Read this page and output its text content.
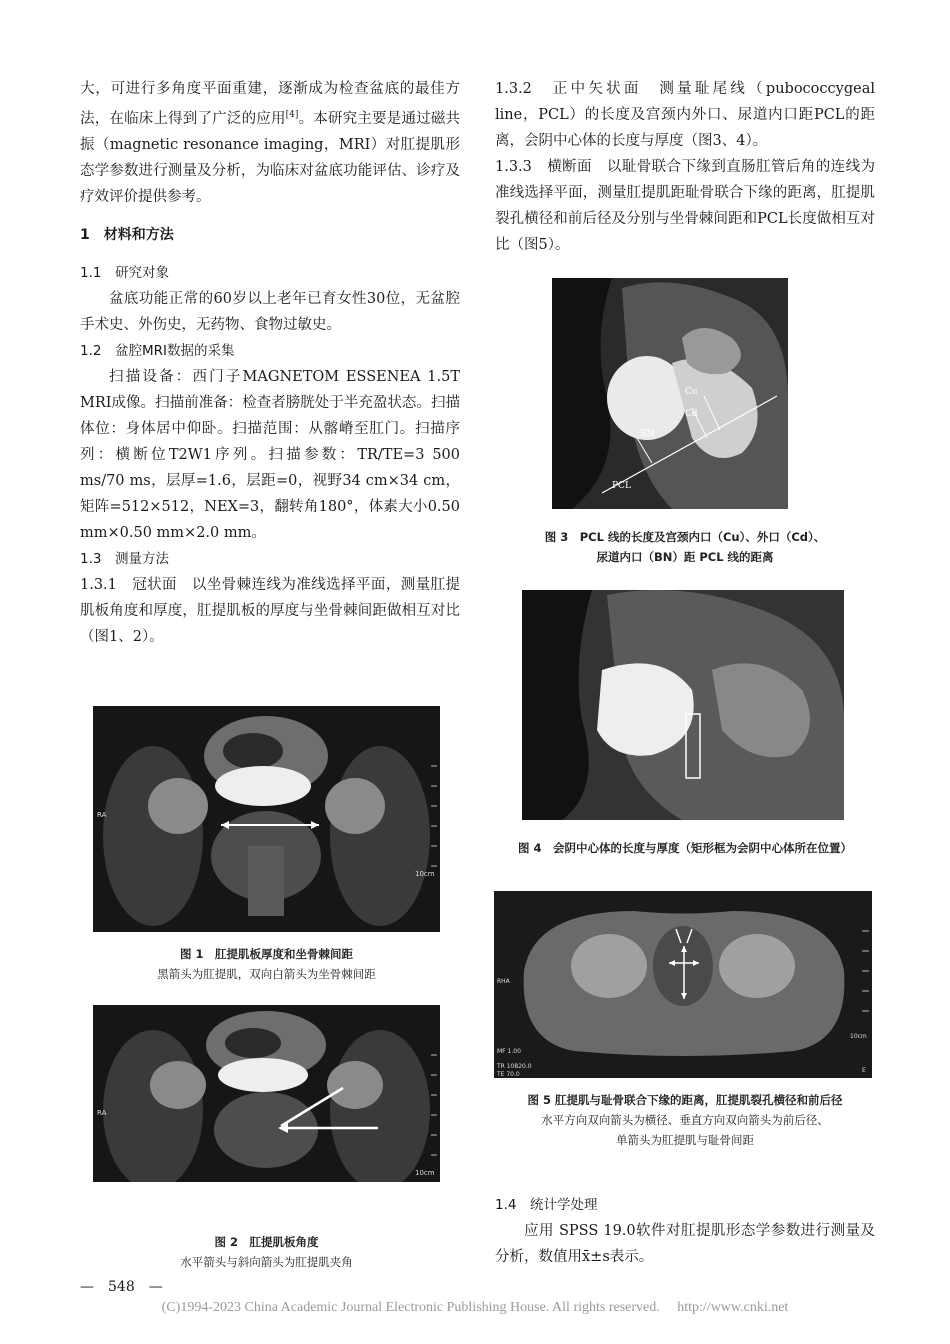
大，可进行多角度平面重建，逐渐成为检查盆底的最佳方法，在临床上得到了广泛的应用[4]。本研究主要是通过磁共振（magnetic resonance imaging，MRI）对肛提肌形态学参数进行测量及分析，为临床对盆底功能评估、诊疗及疗效评价提供参考。

1　材料和方法

1.1　研究对象

盆底功能正常的60岁以上老年已育女性30位，无盆腔手术史、外伤史，无药物、食物过敏史。

1.2　盆腔MRI数据的采集

扫描设备：西门子MAGNETOM ESSENEA 1.5T MRI成像。扫描前准备：检查者膀胱处于半充盈状态。扫描体位：身体居中仰卧。扫描范围：从髂嵴至肛门。扫描序列：横断位T2W1序列。扫描参数：TR/TE=3 500 ms/70 ms，层厚=1.6，层距=0，视野34 cm×34 cm，矩阵=512×512，NEX=3，翻转角180°，体素大小0.50 mm×0.50 mm×2.0 mm。

1.3　测量方法

1.3.1　冠状面　以坐骨棘连线为准线选择平面，测量肛提肌板角度和厚度，肛提肌板的厚度与坐骨棘间距做相互对比（图1、2）。

1.3.2　正中矢状面　测量耻尾线（pubococcygeal line，PCL）的长度及宫颈内外口、尿道内口距PCL的距离，会阴中心体的长度与厚度（图3、4）。

1.3.3　横断面　以耻骨联合下缘到直肠肛管后角的连线为准线选择平面，测量肛提肌距耻骨联合下缘的距离，肛提肌裂孔横径和前后径及分别与坐骨棘间距和PCL长度做相互对比（图5）。

RA
10cm
图 1　肛提肌板厚度和坐骨棘间距
黑箭头为肛提肌，双向白箭头为坐骨棘间距
RA
10cm
图 2　肛提肌板角度
水平箭头与斜向箭头为肛提肌夹角
Cu
Cd
BN
PCL
图 3　PCL 线的长度及宫颈内口（Cu）、外口（Cd）、
尿道内口（BN）距 PCL 线的距离
图 4　会阴中心体的长度与厚度（矩形框为会阴中心体所在位置）
RHA
10cm
MF 1.00
TR 10820.0
TE 70.0
E
图 5 肛提肌与耻骨联合下缘的距离，肛提肌裂孔横径和前后径
水平方向双向箭头为横径、垂直方向双向箭头为前后径、
单箭头为肛提肌与耻骨间距

1.4　统计学处理

应用 SPSS 19.0软件对肛提肌形态学参数进行测量及分析，数值用x̄±s表示。

—　548　—
(C)1994-2023 China Academic Journal Electronic Publishing House. All rights reserved.　 http://www.cnki.net
